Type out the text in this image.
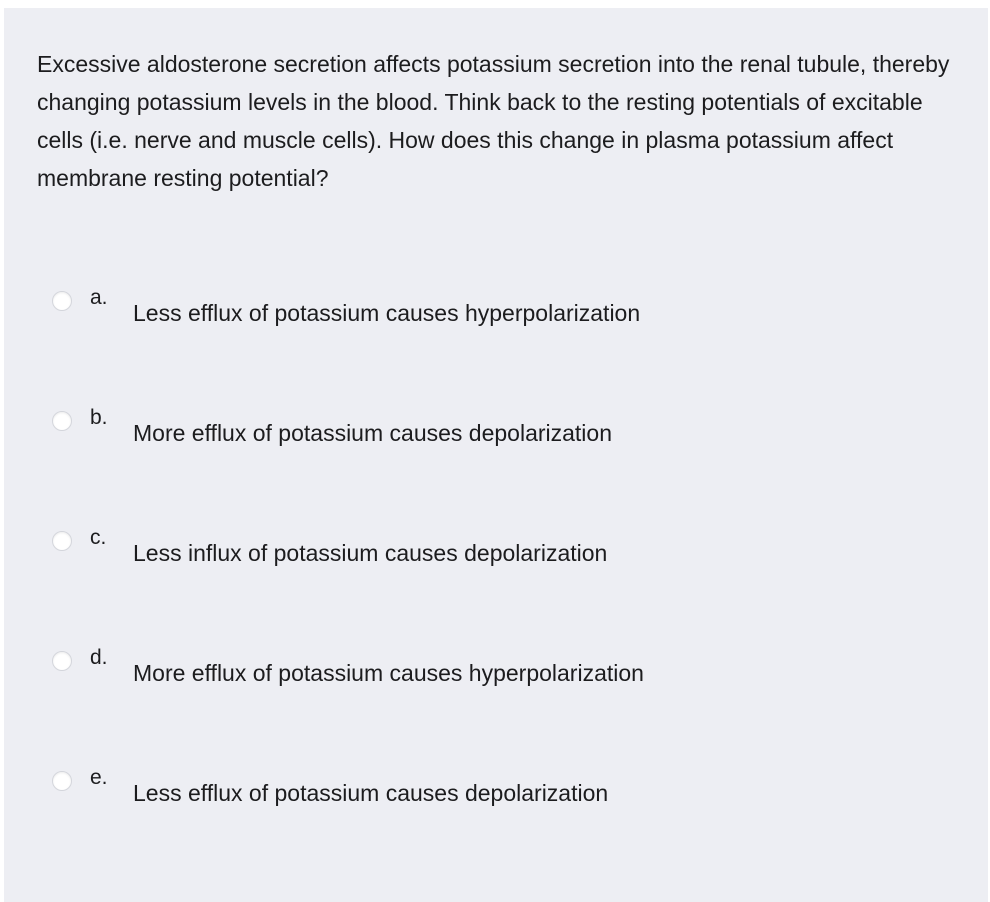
Excessive aldosterone secretion affects potassium secretion into the renal tubule, thereby changing potassium levels in the blood. Think back to the resting potentials of excitable cells (i.e. nerve and muscle cells). How does this change in plasma potassium affect membrane resting potential?

a.
Less efflux of potassium causes hyperpolarization
b.
More efflux of potassium causes depolarization
c.
Less influx of potassium causes depolarization
d.
More efflux of potassium causes hyperpolarization
e.
Less efflux of potassium causes depolarization
